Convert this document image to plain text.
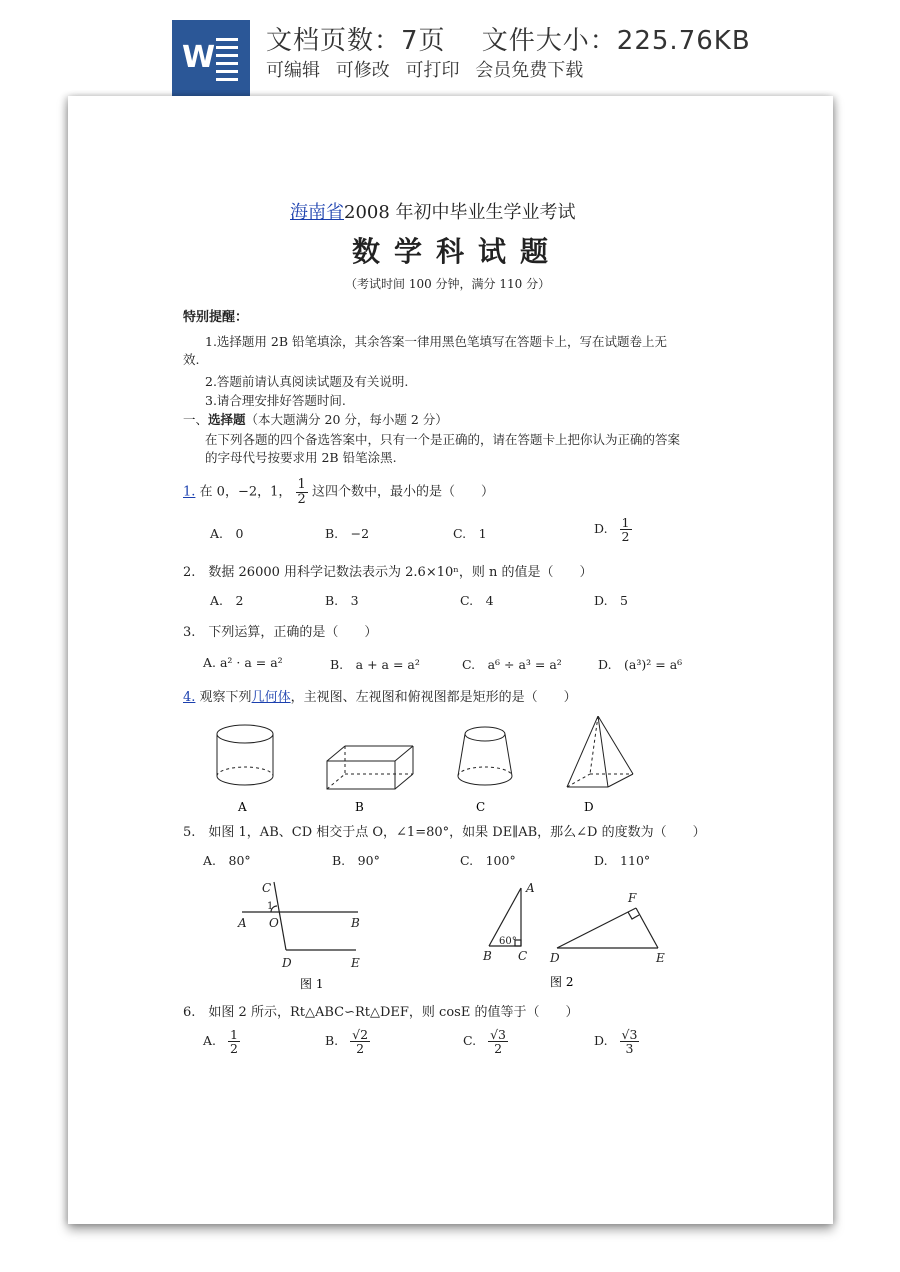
W 文档页数：7页　 文件大小：225.76KB
可编辑 可修改 可打印 会员免费下载
海南省2008 年初中毕业生学业考试
数学科试题
（考试时间 100 分钟，满分 110 分）
特别提醒：
1.选择题用 2B 铅笔填涂，其余答案一律用黑色笔填写在答题卡上，写在试题卷上无
效.
2.答题前请认真阅读试题及有关说明.
3.请合理安排好答题时间.
一、选择题（本大题满分 20 分，每小题 2 分）
在下列各题的四个备选答案中，只有一个是正确的，请在答题卡上把你认为正确的答案
的字母代号按要求用 2B 铅笔涂黑.
1. 在 0，−2，1， $\frac{1}{2}$ 这四个数中，最小的是（　　）
A.　0	B.　−2	C.　1	D. $\frac{1}{2}$
2.　数据 26000 用科学记数法表示为 2.6×10ⁿ，则 n 的值是（　　）
A.　2	B.　3	C.　4	D.　5
3.　下列运算，正确的是（　　）
A. a² · a = a²	B.　a + a = a²	C.　a⁶ ÷ a³ = a²	D.　(a³)² = a⁶
4. 观察下列几何体，主视图、左视图和俯视图都是矩形的是（　　）
A	B	C	D
5.　如图 1，AB、CD 相交于点 O，∠1=80°，如果 DE∥AB，那么∠D 的度数为（　　）
A.　80°	B.　90°	C.　100°	D.　110°
C
1
A O	B
D	E
图 1
A
60°
B C
F
D	E
图 2
6.　如图 2 所示，Rt△ABC∽Rt△DEF，则 cosE 的值等于（　　）
A. $\frac{1}{2}$	B. $\frac{√2}{2}$	C. $\frac{√3}{2}$	D. $\frac{√3}{3}$
